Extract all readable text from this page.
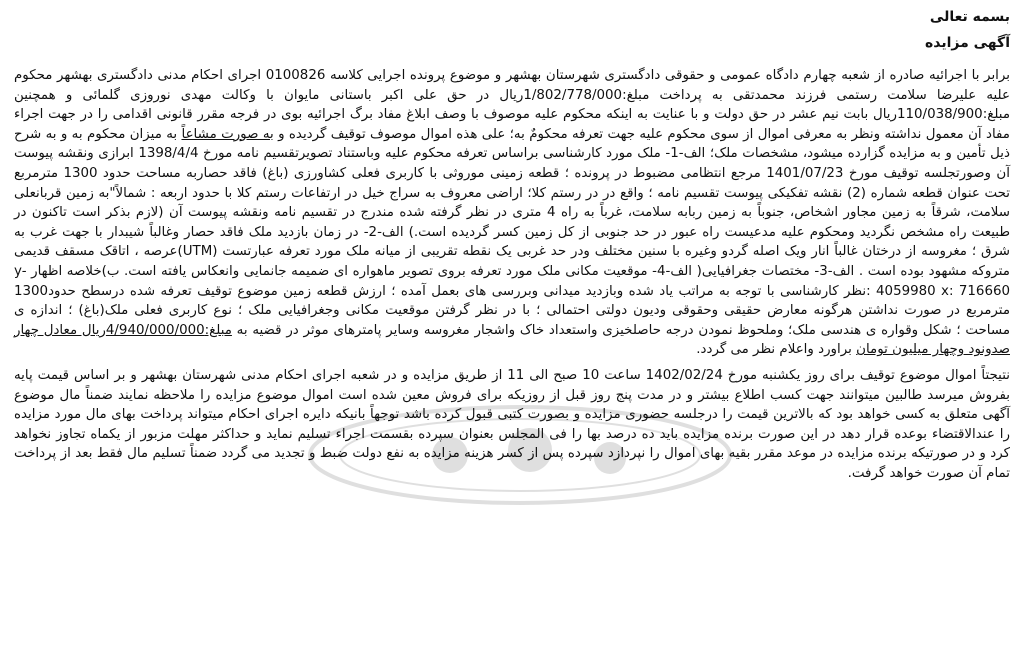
بسمه تعالی
آگهی مزایده

برابر با اجرائیه صادره از شعبه چهارم دادگاه عمومی و حقوقی دادگستری شهرستان بهشهر و موضوع پرونده اجرایی کلاسه 0100826 اجرای احکام مدنی دادگستری بهشهر محکوم علیه علیرضا سلامت رستمی فرزند محمدتقی به پرداخت مبلغ:1/802/778/000ریال در حق علی اکبر باستانی مایوان با وکالت مهدی نوروزی گلمائی و همچنین مبلغ:110/038/900ریال بابت نیم عشر در حق دولت و با عنایت به اینکه محکوم علیه موصوف با وصف ابلاغ مفاد برگ اجرائیه بوی در فرجه مقرر قانونی اقدامی را در جهت اجراء مفاد آن معمول نداشته ونظر به معرفی اموال از سوی محکوم علیه جهت تعرفه محکومٌ به؛ علی هذه اموال موصوف توقیف گردیده و به صورت مشاعاً به میزان محکوم به و به شرح ذیل تأمین و به مزایده گزارده میشود، مشخصات ملک؛ الف-1- ملک مورد کارشناسی براساس تعرفه محکوم علیه وباستناد تصویرتقسیم نامه مورخ 1398/4/4 ابرازی ونقشه پیوست آن وصورتجلسه توقیف مورخ 1401/07/23 مرجع انتظامی مضبوط در پرونده ؛ قطعه زمینی موروثی با کاربری فعلی کشاورزی (باغ) فاقد حصاربه مساحت حدود 1300 مترمربع تحت عنوان قطعه شماره (2) نقشه تفکیکی پیوست تقسیم نامه ؛ واقع در در رستم کلا؛ اراضی معروف به سراج خیل در ارتفاعات رستم کلا با حدود اربعه : شمالاً"به زمین قربانعلی سلامت، شرقاً به زمین مجاور اشخاص، جنوباً به زمین ربابه سلامت، غرباً به راه 4 متری در نظر گرفته شده مندرج در تقسیم نامه ونقشه پیوست آن (لازم بذکر است تاکنون در طبیعت راه مشخص نگردید ومحکوم علیه مدعیست راه عبور در حد جنوبی از کل زمین کسر گردیده است.) الف-2- در زمان بازدید ملک فاقد حصار وغالباً شیبدار با جهت غرب به شرق ؛ مغروسه از درختان غالباً انار ویک اصله گردو وغیره با سنین مختلف ودر حد غربی یک نقطه تقریبی از میانه ملک مورد تعرفه عبارتست (UTM)عرصه ، اتاقک مسقف قدیمی متروکه مشهود بوده است . الف-3- مختصات جغرافیایی( الف-4- موقعیت مکانی ملک مورد تعرفه بروی تصویر ماهواره ای ضمیمه جانمایی وانعکاس یافته است. ب)خلاصه اظهار y- 4059980 x: 716660 :نظر کارشناسی با توجه به مراتب یاد شده وبازدید میدانی وبررسی های بعمل آمده ؛ ارزش قطعه زمین موضوع توقیف تعرفه شده درسطح حدود1300 مترمربع در صورت نداشتن هرگونه معارض حقیقی وحقوقی ودیون دولتی احتمالی ؛ با در نظر گرفتن موقعیت مکانی وجغرافیایی ملک ؛ نوع کاربری فعلی ملک(باغ) ؛ اندازه ی مساحت ؛ شکل وقواره ی هندسی ملک؛ وملحوظ نمودن درجه حاصلخیزی واستعداد خاک واشجار مغروسه وسایر پامترهای موثر در قضیه به مبلغ:4/940/000/000ریال معادل چهار صدونود وچهار میلیون تومان براورد واعلام نظر می گردد.

نتیجتاً اموال موضوع توقیف برای روز یکشنبه مورخ 1402/02/24 ساعت 10 صبح الی 11 از طریق مزایده و در شعبه اجرای احکام مدنی شهرستان بهشهر و بر اساس قیمت پایه بفروش میرسد طالبین میتوانند جهت کسب اطلاع بیشتر و در مدت پنج روز قبل از روزیکه برای فروش معین شده است اموال موضوع مزایده را ملاحظه نمایند ضمناً مال موضوع آگهی متعلق به کسی خواهد بود که بالاترین قیمت را درجلسه حضوری مزایده و بصورت کتبی قبول کرده باشد توجهاً بانیکه دایره اجرای احکام میتواند پرداخت بهای مال مورد مزایده را عندالاقتضاء بوعده قرار دهد در این صورت برنده مزایده باید ده درصد بها را فی المجلس بعنوان سپرده بقسمت اجراء تسلیم نماید و حداکثر مهلت مزبور از یکماه تجاوز نخواهد کرد و در صورتیکه برنده مزایده در موعد مقرر بقیه بهای اموال را نپردازد سپرده پس از کسر هزینه مزایده به نفع دولت ضبط و تجدید می گردد ضمناً تسلیم مال فقط بعد از پرداخت تمام آن صورت خواهد گرفت.
